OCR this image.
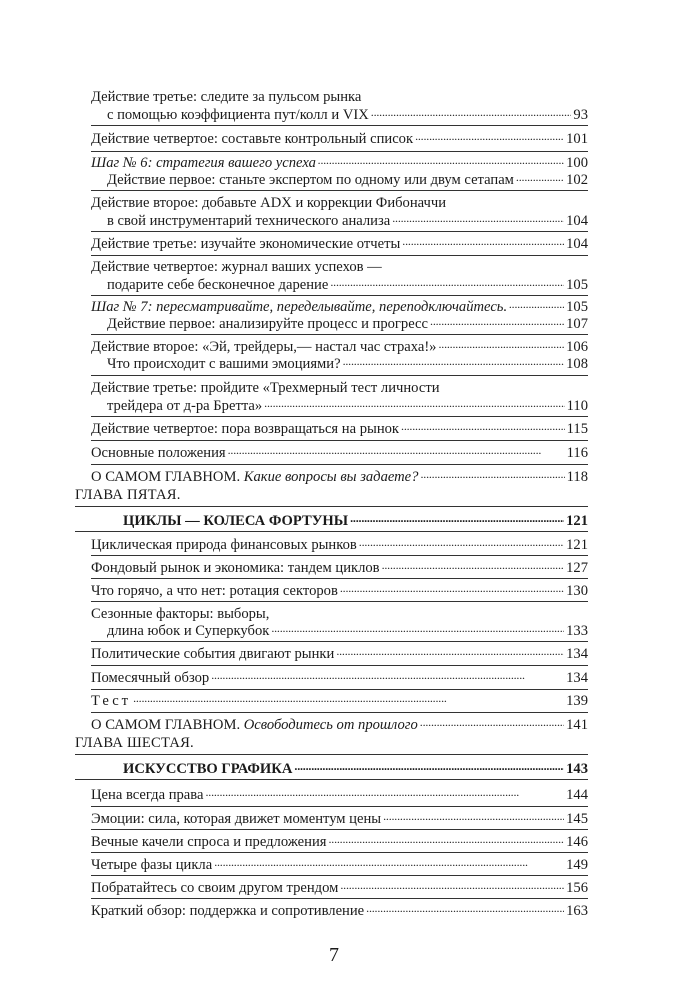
Действие третье: следите за пульсом рынка
с помощью коэффициента пут/колл и VIX . . .	93
Действие четвертое: составьте контрольный список . . .	101
Шаг № 6: стратегия вашего успеха . . .	100
Действие первое: станьте экспертом по одному или двум сетапам . . .	102
Действие второе: добавьте ADX и коррекции Фибоначчи
в свой инструментарий технического анализа . . .	104
Действие третье: изучайте экономические отчеты . . .	104
Действие четвертое: журнал ваших успехов —
подарите себе бесконечное дарение . . .	105
Шаг № 7: пересматривайте, переделывайте, переподключайтесь. . . .	105
Действие первое: анализируйте процесс и прогресс . . .	107
Действие второе: «Эй, трейдеры,— настал час страха!» . . .	106
Что происходит с вашими эмоциями? . . .	108
Действие третье: пройдите «Трехмерный тест личности
трейдера от д-ра Бретта» . . .	110
Действие четвертое: пора возвращаться на рынок . . .	115
Основные положения . . .	116
О САМОМ ГЛАВНОМ. Какие вопросы вы задаете? . . .	118
ГЛАВА ПЯТАЯ.
ЦИКЛЫ — КОЛЕСА ФОРТУНЫ . . .	121
Циклическая природа финансовых рынков . . .	121
Фондовый рынок и экономика: тандем циклов . . .	127
Что горячо, а что нет: ротация секторов . . .	130
Сезонные факторы: выборы,
длина юбок и Суперкубок . . .	133
Политические события двигают рынки . . .	134
Помесячный обзор . . .	134
Тест . . .	139
О САМОМ ГЛАВНОМ. Освободитесь от прошлого . . .	141
ГЛАВА ШЕСТАЯ.
ИСКУССТВО ГРАФИКА . . .	143
Цена всегда права . . .	144
Эмоции: сила, которая движет моментум цены . . .	145
Вечные качели спроса и предложения . . .	146
Четыре фазы цикла . . .	149
Побратайтесь со своим другом трендом . . .	156
Краткий обзор: поддержка и сопротивление . . .	163
7
